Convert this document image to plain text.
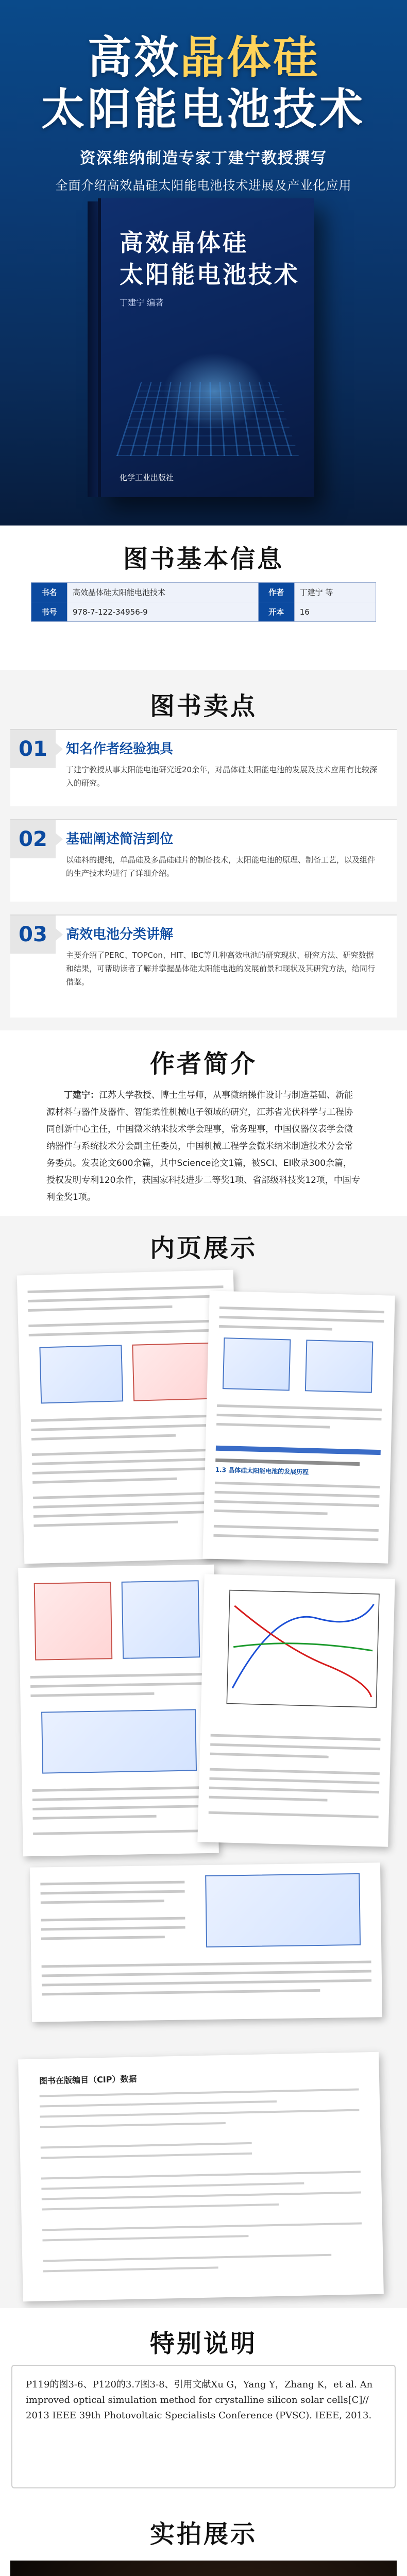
高效晶体硅
太阳能电池技术
资深维纳制造专家丁建宁教授撰写
全面介绍高效晶硅太阳能电池技术进展及产业化应用
高效晶体硅
太阳能电池技术
丁建宁 编著
化学工业出版社
图书基本信息
书名	高效晶体硅太阳能电池技术	作者	丁建宁 等
书号	978-7-122-34956-9	开本	16
图书卖点
01	知名作者经验独具
丁建宁教授从事太阳能电池研究近20余年，对晶体硅太阳能电池的发展及技术应用有比较深入的研究。
02	基础阐述简洁到位
以硅料的提纯，单晶硅及多晶硅硅片的制备技术，太阳能电池的原理、制备工艺，以及组件的生产技术均进行了详细介绍。
03	高效电池分类讲解
主要介绍了PERC、TOPCon、HIT、IBC等几种高效电池的研究现状、研究方法、研究数据和结果，可帮助读者了解并掌握晶体硅太阳能电池的发展前景和现状及其研究方法，给同行借鉴。
作者简介

丁建宁：江苏大学教授、博士生导师，从事微纳操作设计与制造基础、新能源材料与器件及器件、智能柔性机械电子领域的研究，江苏省光伏科学与工程协同创新中心主任，中国微米纳米技术学会理事，常务理事，中国仪器仪表学会微纳器件与系统技术分会副主任委员，中国机械工程学会微米纳米制造技术分会常务委员。发表论文600余篇，其中Science论文1篇，被SCI、EI收录300余篇，授权发明专利120余件，获国家科技进步二等奖1项、省部级科技奖12项，中国专利金奖1项。

内页展示
1.3 晶体硅太阳能电池的发展历程
图书在版编目（CIP）数据
特别说明
P119的图3-6、P120的3.7图3-8、引用文献Xu G，Yang Y，Zhang K，et al. An improved optical simulation method for crystalline silicon solar cells[C]// 2013 IEEE 39th Photovoltaic Specialists Conference (PVSC). IEEE, 2013.
实拍展示
